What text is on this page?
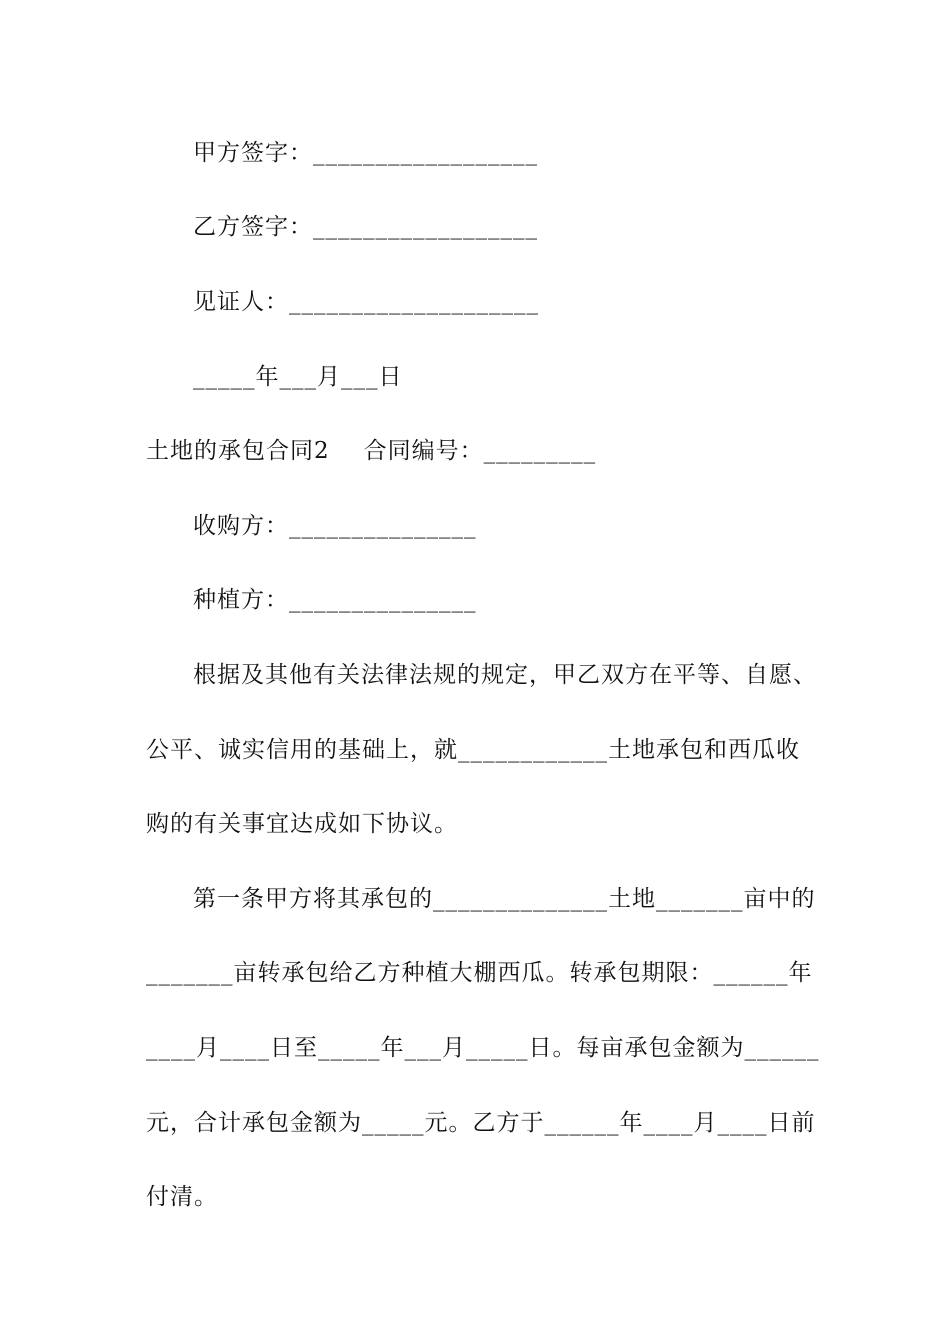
甲方签字：__________________
乙方签字：__________________
见证人：____________________
_____年___月___日
土地的承包合同2 合同编号：_________
收购方：_______________
种植方：_______________
根据及其他有关法律法规的规定，甲乙双方在平等、自愿、
公平、诚实信用的基础上，就____________土地承包和西瓜收
购的有关事宜达成如下协议。
第一条甲方将其承包的______________土地_______亩中的
_______亩转承包给乙方种植大棚西瓜。转承包期限：______年
____月____日至_____年___月_____日。每亩承包金额为______
元，合计承包金额为_____元。乙方于______年____月____日前
付清。
